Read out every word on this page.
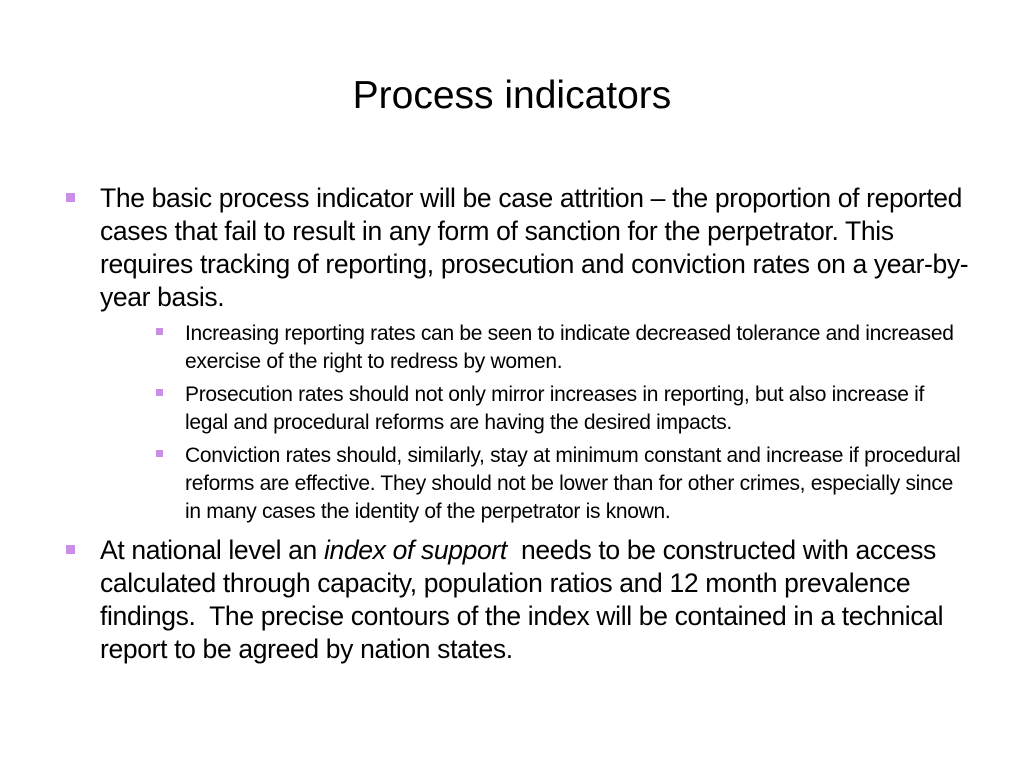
Process indicators
The basic process indicator will be case attrition – the proportion of reported cases that fail to result in any form of sanction for the perpetrator. This requires tracking of reporting, prosecution and conviction rates on a year-by-year basis.
Increasing reporting rates can be seen to indicate decreased tolerance and increased exercise of the right to redress by women.
Prosecution rates should not only mirror increases in reporting, but also increase if legal and procedural reforms are having the desired impacts.
Conviction rates should, similarly, stay at minimum constant and increase if procedural reforms are effective. They should not be lower than for other crimes, especially since in many cases the identity of the perpetrator is known.
At national level an index of support  needs to be constructed with access calculated through capacity, population ratios and 12 month prevalence findings.  The precise contours of the index will be contained in a technical report to be agreed by nation states.
